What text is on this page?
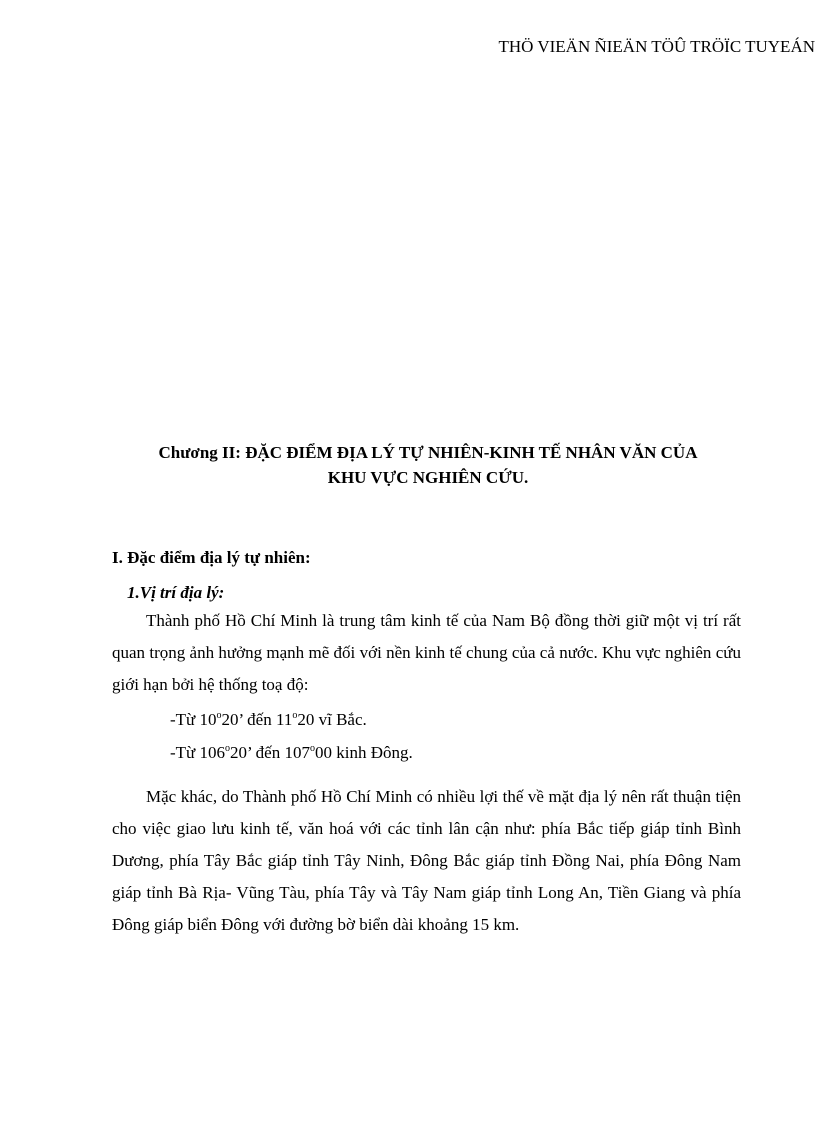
THÖ VIEÄN ÑIEÄN TÖÛ TRÖÏC TUYEÁN
Chương II: ĐẶC ĐIỂM ĐỊA LÝ TỰ NHIÊN-KINH TẾ NHÂN VĂN CỦA
KHU VỰC NGHIÊN CỨU.
I. Đặc điểm địa lý tự nhiên:
1.Vị trí địa lý:

Thành phố Hồ Chí Minh là trung tâm kinh tế của Nam Bộ đồng thời giữ một vị trí rất quan trọng ảnh hưởng mạnh mẽ đối với nền kinh tế chung của cả nước. Khu vực nghiên cứu giới hạn bởi hệ thống toạ độ:

-Từ 10$^o$20’ đến 11$^o$20 vĩ Bắc.
-Từ 106$^o$20’ đến 107$^o$00 kinh Đông.

Mặc khác, do Thành phố Hồ Chí Minh có nhiều lợi thế về mặt địa lý nên rất thuận tiện cho việc giao lưu kinh tế, văn hoá với các tỉnh lân cận như: phía Bắc tiếp giáp tỉnh Bình Dương, phía Tây Bắc giáp tỉnh Tây Ninh, Đông Bắc giáp tỉnh Đồng Nai, phía Đông Nam giáp tỉnh Bà Rịa- Vũng Tàu, phía Tây và Tây Nam giáp tỉnh Long An, Tiền Giang và phía Đông giáp biển Đông với đường bờ biển dài khoảng 15 km.
